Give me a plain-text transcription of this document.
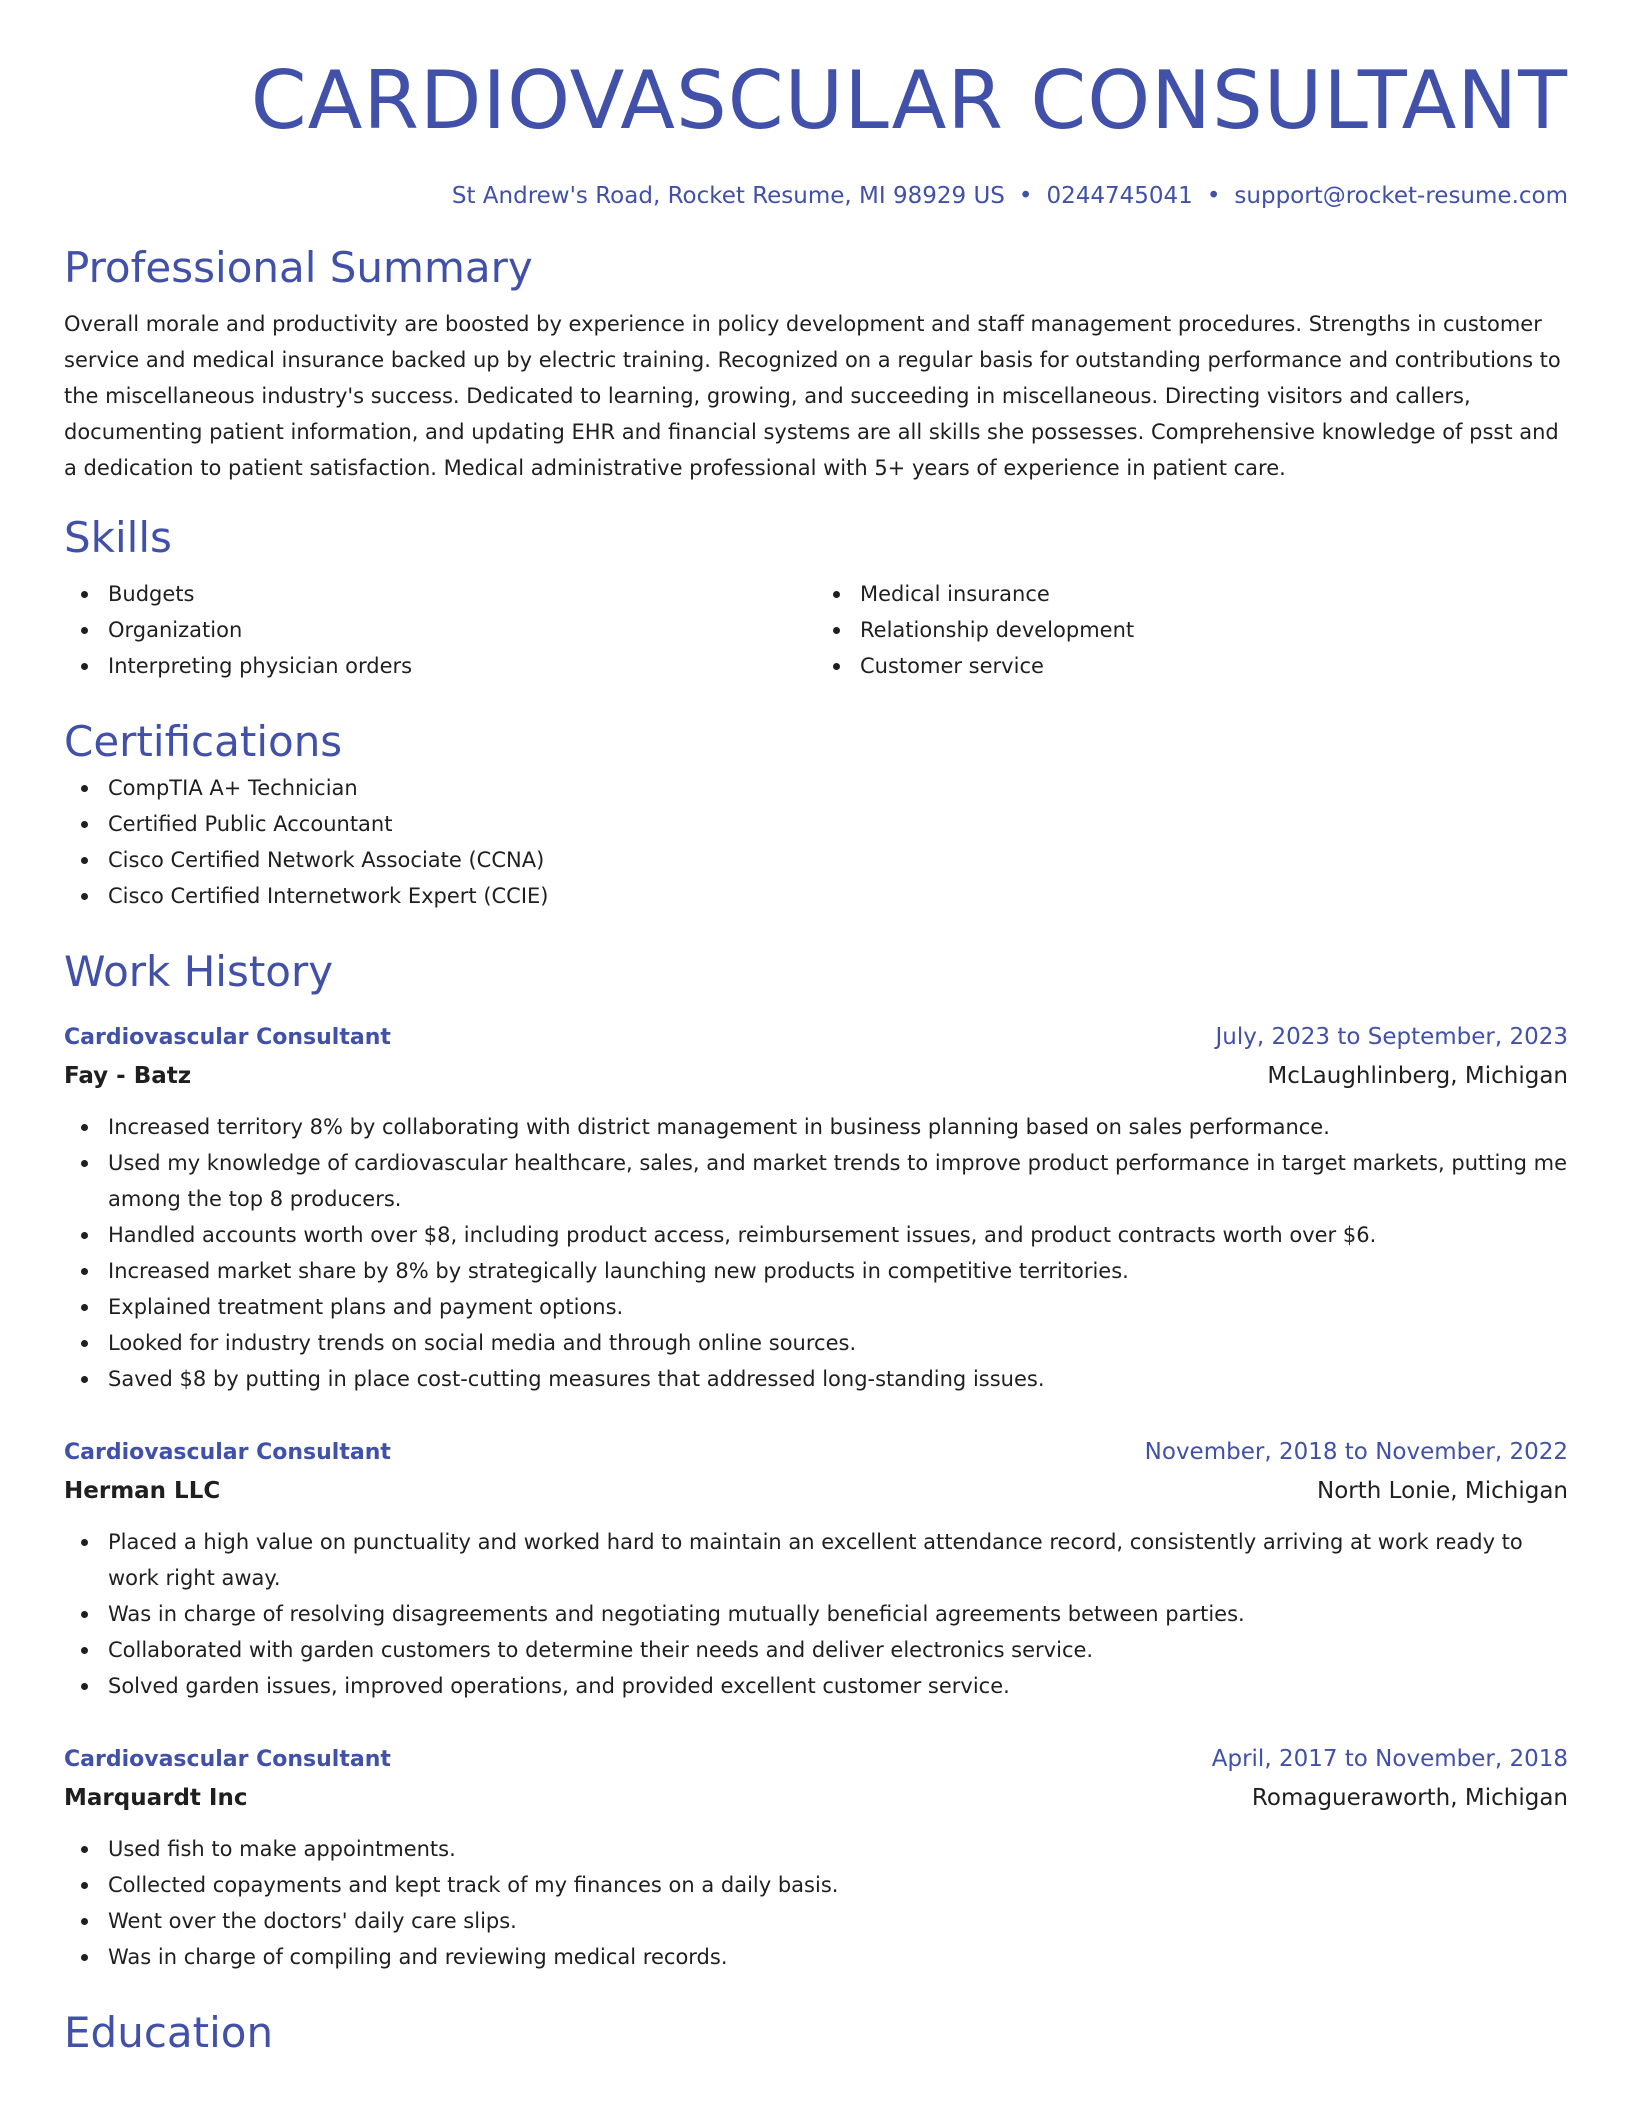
CARDIOVASCULAR CONSULTANT
St Andrew's Road, Rocket Resume, MI 98929 US • 0244745041 • support@rocket-resume.com
Professional Summary

Overall morale and productivity are boosted by experience in policy development and staff management procedures. Strengths in customer service and medical insurance backed up by electric training. Recognized on a regular basis for outstanding performance and contributions to the miscellaneous industry's success. Dedicated to learning, growing, and succeeding in miscellaneous. Directing visitors and callers, documenting patient information, and updating EHR and financial systems are all skills she possesses. Comprehensive knowledge of psst and a dedication to patient satisfaction. Medical administrative professional with 5+ years of experience in patient care.

Skills
Budgets
Organization
Interpreting physician orders
Medical insurance
Relationship development
Customer service
Certifications
CompTIA A+ Technician
Certified Public Accountant
Cisco Certified Network Associate (CCNA)
Cisco Certified Internetwork Expert (CCIE)
Work History
Cardiovascular Consultant	July, 2023 to September, 2023
Fay - Batz	McLaughlinberg, Michigan
Increased territory 8% by collaborating with district management in business planning based on sales performance.
Used my knowledge of cardiovascular healthcare, sales, and market trends to improve product performance in target markets, putting me among the top 8 producers.
Handled accounts worth over $8, including product access, reimbursement issues, and product contracts worth over $6.
Increased market share by 8% by strategically launching new products in competitive territories.
Explained treatment plans and payment options.
Looked for industry trends on social media and through online sources.
Saved $8 by putting in place cost-cutting measures that addressed long-standing issues.
Cardiovascular Consultant	November, 2018 to November, 2022
Herman LLC	North Lonie, Michigan
Placed a high value on punctuality and worked hard to maintain an excellent attendance record, consistently arriving at work ready to work right away.
Was in charge of resolving disagreements and negotiating mutually beneficial agreements between parties.
Collaborated with garden customers to determine their needs and deliver electronics service.
Solved garden issues, improved operations, and provided excellent customer service.
Cardiovascular Consultant	April, 2017 to November, 2018
Marquardt Inc	Romagueraworth, Michigan
Used fish to make appointments.
Collected copayments and kept track of my finances on a daily basis.
Went over the doctors' daily care slips.
Was in charge of compiling and reviewing medical records.
Education
